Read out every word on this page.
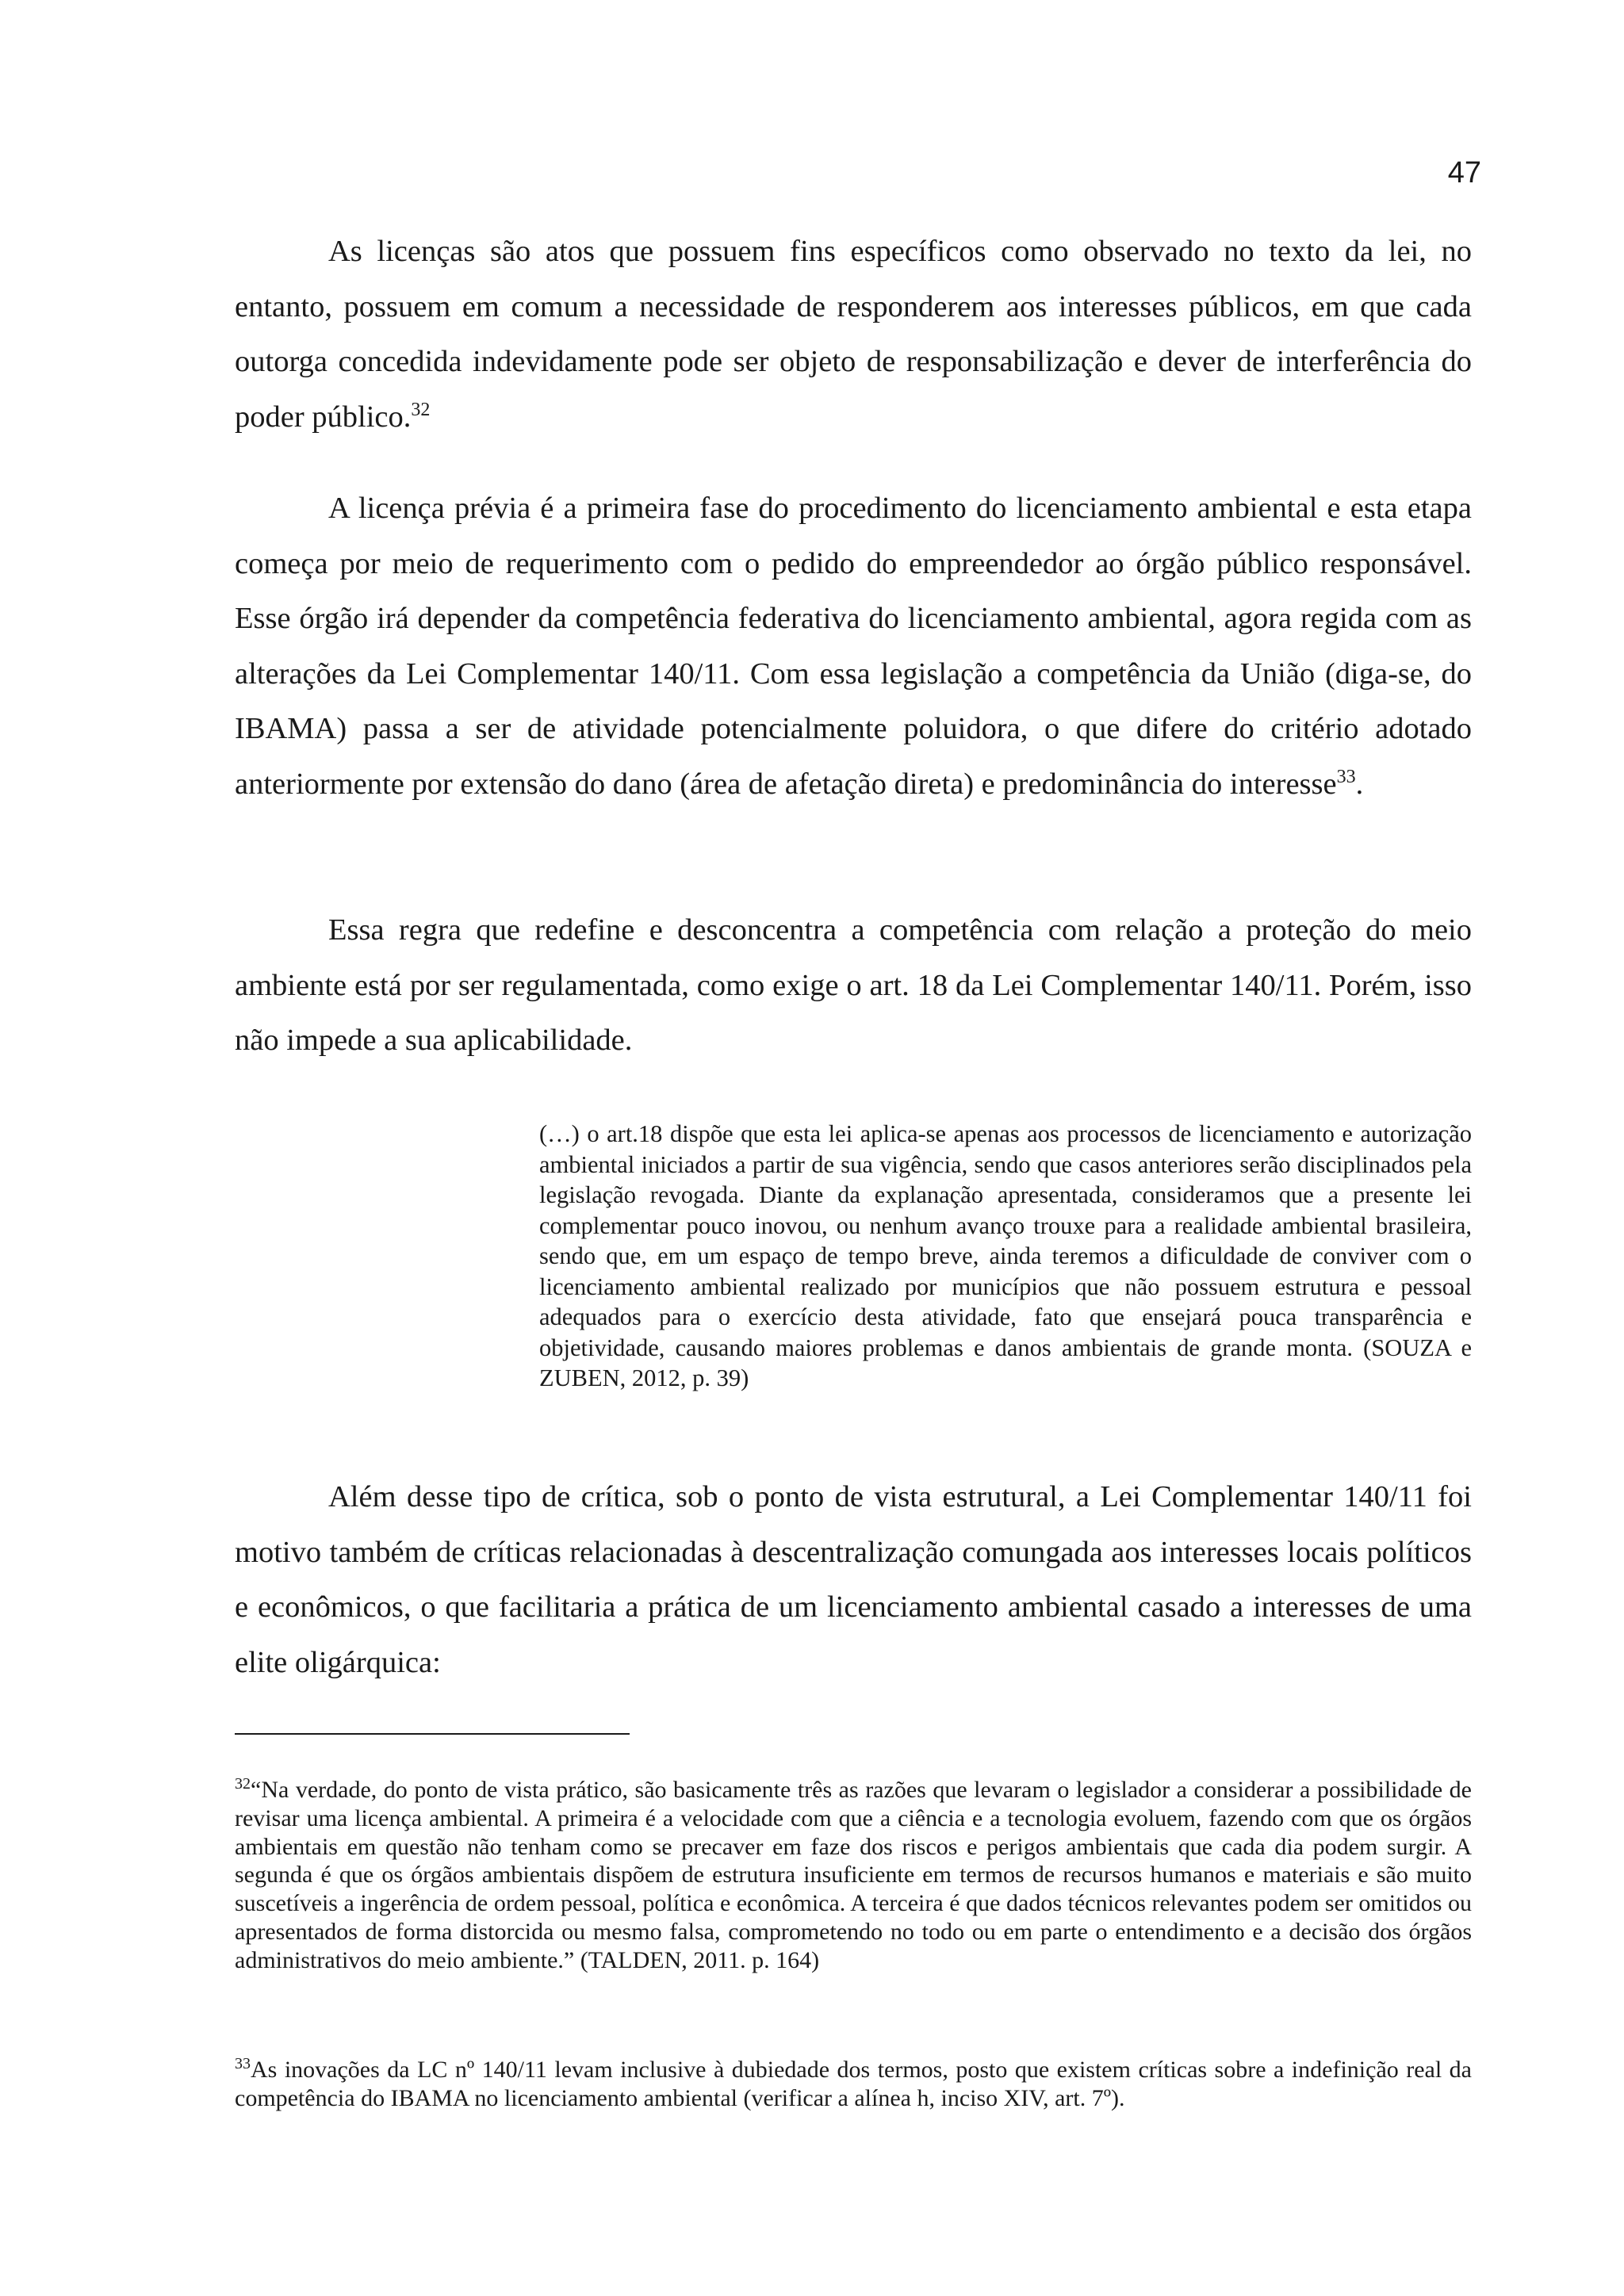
47

As licenças são atos que possuem fins específicos como observado no texto da lei, no entanto, possuem em comum a necessidade de responderem aos interesses públicos, em que cada outorga concedida indevidamente pode ser objeto de responsabilização e dever de interferência do poder público.$^{32}$

A licença prévia é a primeira fase do procedimento do licenciamento ambiental e esta etapa começa por meio de requerimento com o pedido do empreendedor ao órgão público responsável. Esse órgão irá depender da competência federativa do licenciamento ambiental, agora regida com as alterações da Lei Complementar 140/11. Com essa legislação a competência da União (diga-se, do IBAMA) passa a ser de atividade potencialmente poluidora, o que difere do critério adotado anteriormente por extensão do dano (área de afetação direta) e predominância do interesse$^{33}$.

Essa regra que redefine e desconcentra a competência com relação a proteção do meio ambiente está por ser regulamentada, como exige o art. 18 da Lei Complementar 140/11. Porém, isso não impede a sua aplicabilidade.

(…) o art.18 dispõe que esta lei aplica-se apenas aos processos de licenciamento e autorização ambiental iniciados a partir de sua vigência, sendo que casos anteriores serão disciplinados pela legislação revogada. Diante da explanação apresentada, consideramos que a presente lei complementar pouco inovou, ou nenhum avanço trouxe para a realidade ambiental brasileira, sendo que, em um espaço de tempo breve, ainda teremos a dificuldade de conviver com o licenciamento ambiental realizado por municípios que não possuem estrutura e pessoal adequados para o exercício desta atividade, fato que ensejará pouca transparência e objetividade, causando maiores problemas e danos ambientais de grande monta. (SOUZA e ZUBEN, 2012, p. 39)

Além desse tipo de crítica, sob o ponto de vista estrutural, a Lei Complementar 140/11 foi motivo também de críticas relacionadas à descentralização comungada aos interesses locais políticos e econômicos, o que facilitaria a prática de um licenciamento ambiental casado a interesses de uma elite oligárquica:

$^{32}$“Na verdade, do ponto de vista prático, são basicamente três as razões que levaram o legislador a considerar a possibilidade de revisar uma licença ambiental. A primeira é a velocidade com que a ciência e a tecnologia evoluem, fazendo com que os órgãos ambientais em questão não tenham como se precaver em faze dos riscos e perigos ambientais que cada dia podem surgir. A segunda é que os órgãos ambientais dispõem de estrutura insuficiente em termos de recursos humanos e materiais e são muito suscetíveis a ingerência de ordem pessoal, política e econômica. A terceira é que dados técnicos relevantes podem ser omitidos ou apresentados de forma distorcida ou mesmo falsa, comprometendo no todo ou em parte o entendimento e a decisão dos órgãos administrativos do meio ambiente.” (TALDEN, 2011. p. 164)

$^{33}$As inovações da LC nº 140/11 levam inclusive à dubiedade dos termos, posto que existem críticas sobre a indefinição real da competência do IBAMA no licenciamento ambiental (verificar a alínea h, inciso XIV, art. 7º).
